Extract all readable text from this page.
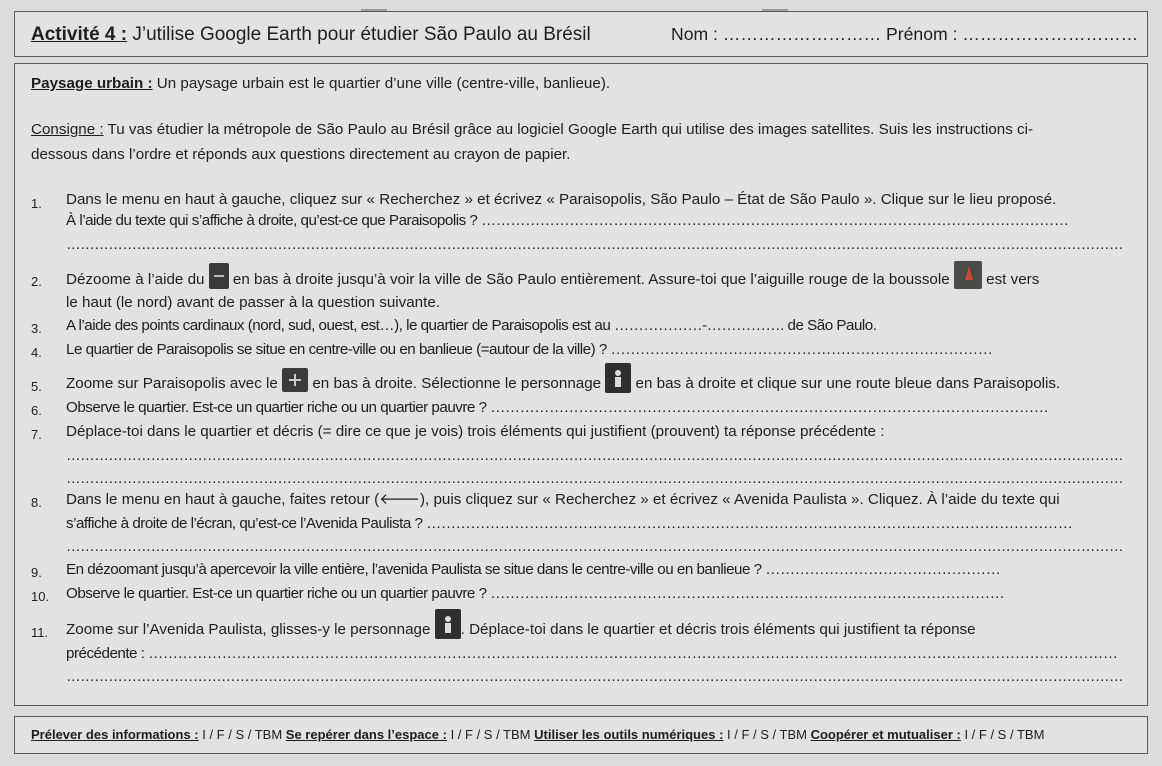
Activité 4 : J’utilise Google Earth pour étudier São Paulo au Brésil	Nom : ……………………… Prénom : …………………………
Paysage urbain : Un paysage urbain est le quartier d’une ville (centre-ville, banlieue).
Consigne : Tu vas étudier la métropole de São Paulo au Brésil grâce au logiciel Google Earth qui utilise des images satellites. Suis les instructions ci-
dessous dans l’ordre et réponds aux questions directement au crayon de papier.
1.	Dans le menu en haut à gauche, cliquez sur « Recherchez » et écrivez « Paraisopolis, São Paulo – État de São Paulo ». Clique sur le lieu proposé.
À l’aide du texte qui s’affiche à droite, qu’est-ce que Paraisopolis ? …………………………………………………………………………………………………………
………………………………………………………………………………………………………………………………………………………………………………………………………
2.	Dézoome à l’aide du  en bas à droite jusqu’à voir la ville de São Paulo entièrement. Assure-toi que l’aiguille rouge de la boussole  est vers
le haut (le nord) avant de passer à la question suivante.
3.	A l’aide des points cardinaux (nord, sud, ouest, est…), le quartier de Paraisopolis est au ………………-……………. de São Paulo.
4.	Le quartier de Paraisopolis se situe en centre-ville ou en banlieue (=autour de la ville) ? ……………………………………………………………………
5.	Zoome sur Paraisopolis avec le  en bas à droite. Sélectionne le personnage  en bas à droite et clique sur une route bleue dans Paraisopolis.
6.	Observe le quartier. Est-ce un quartier riche ou un quartier pauvre ? ……………………………………………………………………………………………………
7.	Déplace-toi dans le quartier et décris (= dire ce que je vois) trois éléments qui justifient (prouvent) ta réponse précédente :
………………………………………………………………………………………………………………………………………………………………………………………………………
………………………………………………………………………………………………………………………………………………………………………………………………………
8.	Dans le menu en haut à gauche, faites retour (🡐), puis cliquez sur « Recherchez » et écrivez « Avenida Paulista ». Cliquez. À l’aide du texte qui
s’affiche à droite de l’écran, qu’est-ce l’Avenida Paulista ? ……………………………………………………………………………………………………………………
………………………………………………………………………………………………………………………………………………………………………………………………………
9.	En dézoomant jusqu’à apercevoir la ville entière, l’avenida Paulista se situe dans le centre-ville ou en banlieue ? …………………………………………
10.	Observe le quartier. Est-ce un quartier riche ou un quartier pauvre ? ……………………………………………………………………………………………
11.	Zoome sur l’Avenida Paulista, glisses-y le personnage . Déplace-toi dans le quartier et décris trois éléments qui justifient ta réponse
précédente : ………………………………………………………………………………………………………………………………………………………………………………
………………………………………………………………………………………………………………………………………………………………………………………………………
Prélever des informations : I / F / S / TBM Se repérer dans l’espace : I / F / S / TBM Utiliser les outils numériques : I / F / S / TBM Coopérer et mutualiser : I / F / S / TBM
